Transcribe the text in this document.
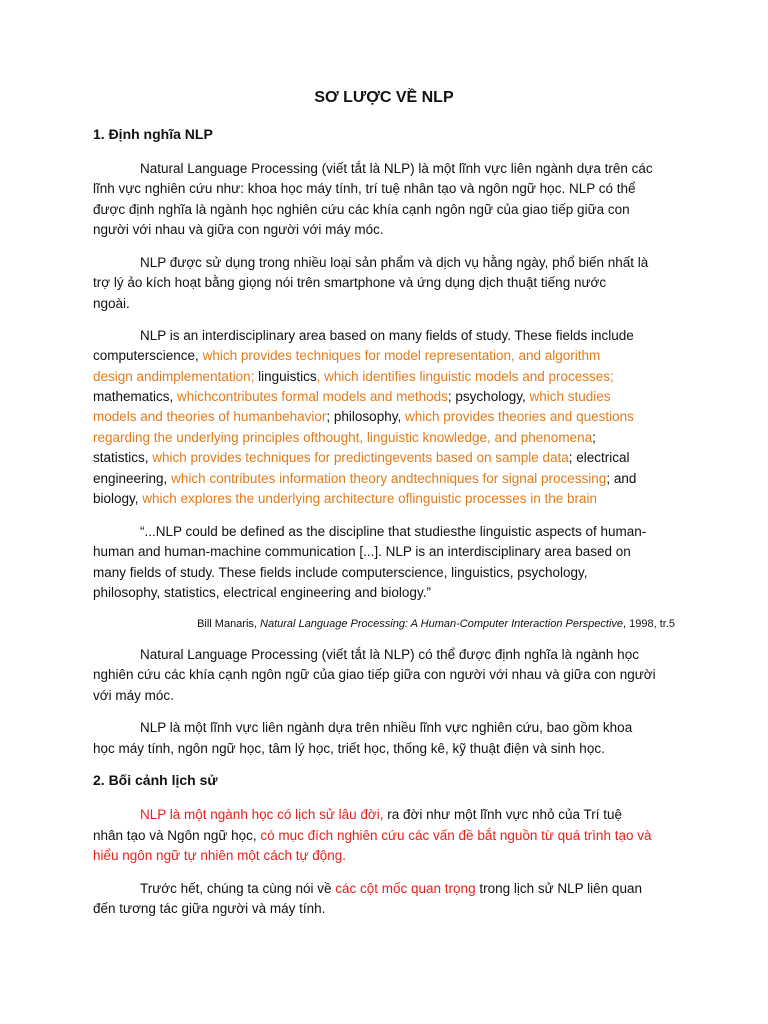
SƠ LƯỢC VỀ NLP
1. Định nghĩa NLP
Natural Language Processing (viết tắt là NLP) là một lĩnh vực liên ngành dựa trên các
lĩnh vực nghiên cứu như: khoa học máy tính, trí tuệ nhân tạo và ngôn ngữ học. NLP có thể
được định nghĩa là ngành học nghiên cứu các khía cạnh ngôn ngữ của giao tiếp giữa con
người với nhau và giữa con người với máy móc.
NLP được sử dụng trong nhiều loại sản phẩm và dịch vụ hằng ngày, phổ biến nhất là
trợ lý ảo kích hoạt bằng giọng nói trên smartphone và ứng dụng dịch thuật tiếng nước
ngoài.
NLP is an interdisciplinary area based on many fields of study. These fields include
computerscience, which provides techniques for model representation, and algorithm
design andimplementation; linguistics, which identifies linguistic models and processes;
mathematics, whichcontributes formal models and methods; psychology, which studies
models and theories of humanbehavior; philosophy, which provides theories and questions
regarding the underlying principles ofthought, linguistic knowledge, and phenomena;
statistics, which provides techniques for predictingevents based on sample data; electrical
engineering, which contributes information theory andtechniques for signal processing; and
biology, which explores the underlying architecture oflinguistic processes in the brain
“...NLP could be defined as the discipline that studiesthe linguistic aspects of human-
human and human-machine communication [...]. NLP is an interdisciplinary area based on
many fields of study. These fields include computerscience, linguistics, psychology,
philosophy, statistics, electrical engineering and biology.”
Bill Manaris, Natural Language Processing: A Human-Computer Interaction Perspective, 1998, tr.5
Natural Language Processing (viết tắt là NLP) có thể được định nghĩa là ngành học
nghiên cứu các khía cạnh ngôn ngữ của giao tiếp giữa con người với nhau và giữa con người
với máy móc.
NLP là một lĩnh vực liên ngành dựa trên nhiều lĩnh vực nghiên cứu, bao gồm khoa
học máy tính, ngôn ngữ học, tâm lý học, triết học, thống kê, kỹ thuật điện và sinh học.
2. Bối cảnh lịch sử
NLP là một ngành học có lịch sử lâu đời, ra đời như một lĩnh vực nhỏ của Trí tuệ
nhân tạo và Ngôn ngữ học, có mục đích nghiên cứu các vấn đề bắt nguồn từ quá trình tạo và
hiểu ngôn ngữ tự nhiên một cách tự động.
Trước hết, chúng ta cùng nói về các cột mốc quan trọng trong lịch sử NLP liên quan
đến tương tác giữa người và máy tính.
